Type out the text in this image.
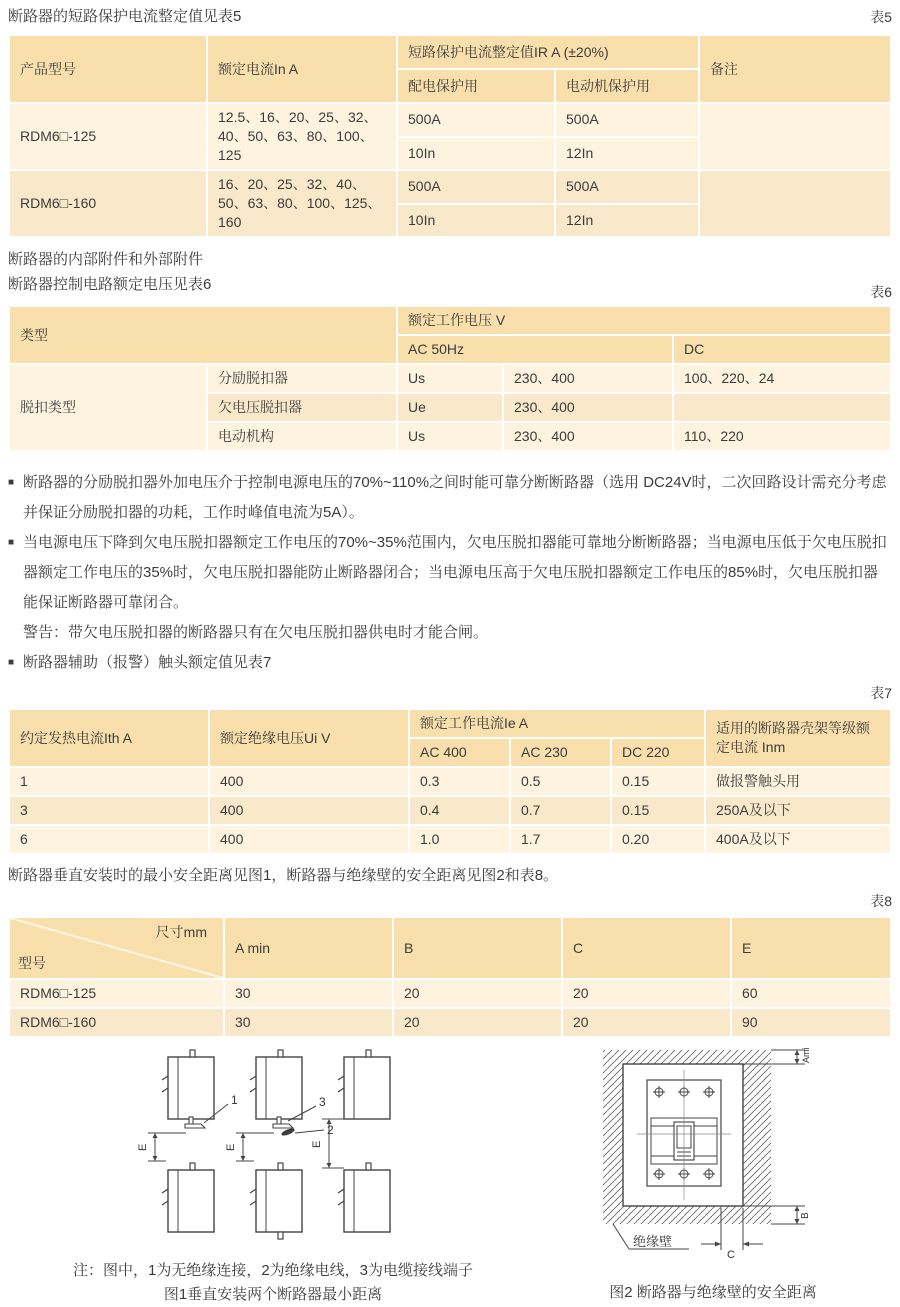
断路器的短路保护电流整定值见表5	表5
产品型号	额定电流In A	短路保护电流整定值IR A (±20%)		备注
		配电保护用	电动机保护用	
RDM6□-125	12.5、16、20、25、32、40、50、63、80、100、125	500A	500A	
		10In	12In	
RDM6□-160	16、20、25、32、40、50、63、80、100、125、160	500A	500A	
		10In	12In	
断路器的内部附件和外部附件
断路器控制电路额定电压见表6	表6
类型		额定工作电压 V		
		AC 50Hz		DC
脱扣类型	分励脱扣器	Us	230、400	100、220、24
	欠电压脱扣器	Ue	230、400	
	电动机构	Us	230、400	110、220
■ 断路器的分励脱扣器外加电压介于控制电源电压的70%~110%之间时能可靠分断断路器（选用 DC24V时，二次回路设计需充分考虑并保证分励脱扣器的功耗，工作时峰值电流为5A）。
■ 当电源电压下降到欠电压脱扣器额定工作电压的70%~35%范围内，欠电压脱扣器能可靠地分断断路器；当电源电压低于欠电压脱扣器额定工作电压的35%时，欠电压脱扣器能防止断路器闭合；当电源电压高于欠电压脱扣器额定工作电压的85%时，欠电压脱扣器能保证断路器可靠闭合。
警告：带欠电压脱扣器的断路器只有在欠电压脱扣器供电时才能合闸。
■ 断路器辅助（报警）触头额定值见表7
表7
约定发热电流Ith A	额定绝缘电压Ui V	额定工作电流Ie A			适用的断路器壳架等级额定电流 Inm
		AC 400	AC 230	DC 220	
1	400	0.3	0.5	0.15	做报警触头用
3	400	0.4	0.7	0.15	250A及以下
6	400	1.0	1.7	0.20	400A及以下
断路器垂直安装时的最小安全距离见图1，断路器与绝缘壁的安全距离见图2和表8。
表8
尺寸mm
型号	A min	B	C	E
RDM6□-125	30	20	20	60
RDM6□-160	30	20	20	90
E	E	E
1	3
2
注：图中，1为无绝缘连接，2为绝缘电线，3为电缆接线端子
图1垂直安装两个断路器最小距离
Amin
B
C
绝缘壁
图2 断路器与绝缘壁的安全距离
